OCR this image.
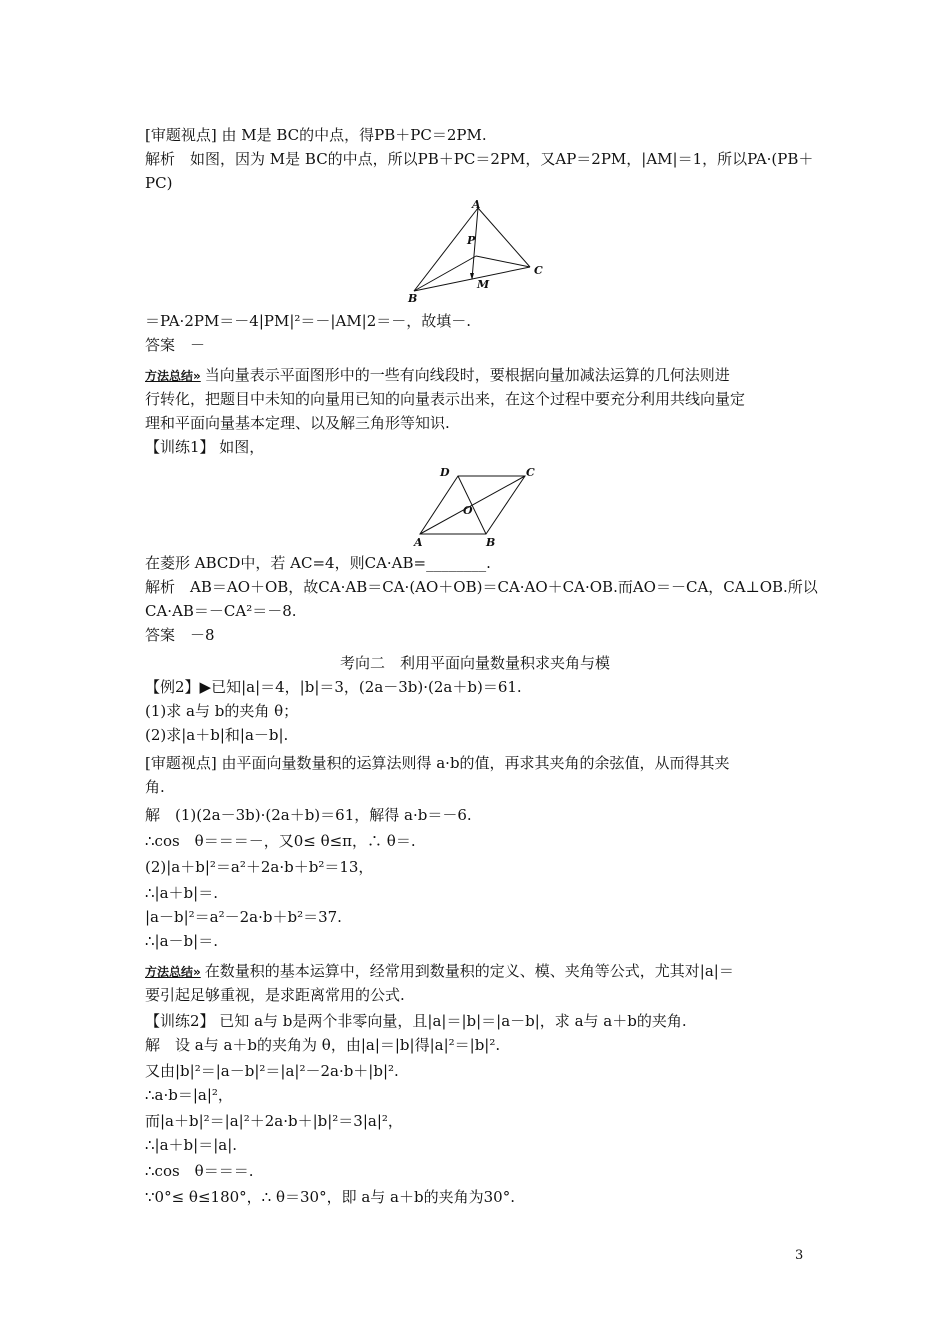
[审题视点] 由 M是 BC的中点，得PB＋PC＝2PM.
解析　如图，因为 M是 BC的中点，所以PB＋PC＝2PM，又AP＝2PM，|AM|＝1，所以PA·(PB＋
PC)
A
P
B
M
C
＝PA·2PM＝－4|PM|²＝－|AM|2＝－，故填－.
答案　－
方法总结» 当向量表示平面图形中的一些有向线段时，要根据向量加减法运算的几何法则进
行转化，把题目中未知的向量用已知的向量表示出来，在这个过程中要充分利用共线向量定
理和平面向量基本定理、以及解三角形等知识.
【训练1】 如图，
D	C
O
A	B
在菱形 ABCD中，若 AC=4，则CA·AB=________.
解析　AB＝AO＋OB，故CA·AB＝CA·(AO＋OB)＝CA·AO＋CA·OB.而AO＝－CA，CA⊥OB.所以
CA·AB＝－CA²＝－8.
答案　－8
考向二　利用平面向量数量积求夹角与模
【例2】▶已知|a|＝4，|b|＝3，(2a－3b)·(2a＋b)＝61.
(1)求 a与 b的夹角 θ；
(2)求|a＋b|和|a－b|.
[审题视点] 由平面向量数量积的运算法则得 a·b的值，再求其夹角的余弦值，从而得其夹
角.
解　(1)(2a－3b)·(2a＋b)＝61，解得 a·b＝－6.
∴cos　θ＝＝＝－，又0≤ θ≤π，∴ θ＝.
(2)|a＋b|²＝a²＋2a·b＋b²＝13，
∴|a＋b|＝.
|a－b|²＝a²－2a·b＋b²＝37.
∴|a－b|＝.
方法总结» 在数量积的基本运算中，经常用到数量积的定义、模、夹角等公式，尤其对|a|＝
要引起足够重视，是求距离常用的公式.
【训练2】 已知 a与 b是两个非零向量，且|a|＝|b|＝|a－b|，求 a与 a＋b的夹角.
解　设 a与 a＋b的夹角为 θ，由|a|＝|b|得|a|²＝|b|².
又由|b|²＝|a－b|²＝|a|²－2a·b＋|b|².
∴a·b＝|a|²，
而|a＋b|²＝|a|²＋2a·b＋|b|²＝3|a|²，
∴|a＋b|＝|a|.
∴cos　θ＝＝＝.
∵0°≤ θ≤180°，∴ θ＝30°，即 a与 a＋b的夹角为30°.
3
